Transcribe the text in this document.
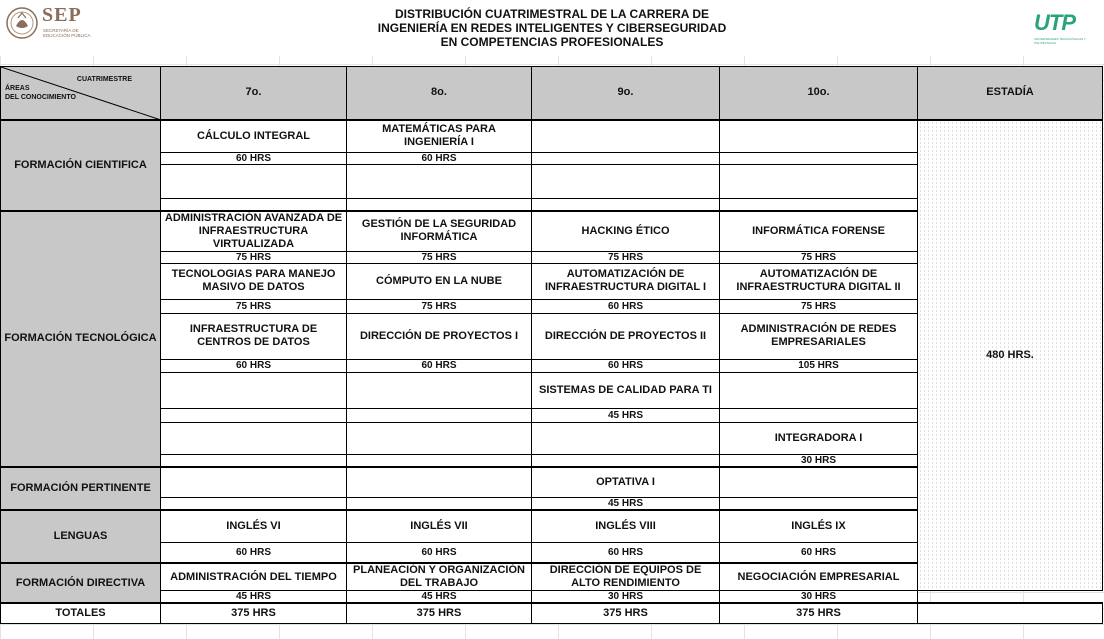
SEP
SECRETARÍA DE EDUCACIÓN PÚBLICA
DISTRIBUCIÓN CUATRIMESTRAL DE LA CARRERA DE
INGENIERÍA EN REDES INTELIGENTES Y CIBERSEGURIDAD
EN COMPETENCIAS PROFESIONALES
UTP
UNIVERSIDADES TECNOLÓGICAS Y POLITÉCNICAS
CUATRIMESTRE
ÁREAS
DEL CONOCIMIENTO	7o.	8o.	9o.	10o.	ESTADÍA
FORMACIÓN CIENTIFICA	CÁLCULO INTEGRAL	MATEMÁTICAS PARA INGENIERÍA I			480 HRS.
	60 HRS	60 HRS			

FORMACIÓN TECNOLÓGICA	ADMINISTRACIÓN AVANZADA DE INFRAESTRUCTURA VIRTUALIZADA	GESTIÓN DE LA SEGURIDAD INFORMÁTICA	HACKING ÉTICO	INFORMÁTICA FORENSE	
	75 HRS	75 HRS	75 HRS	75 HRS	
	TECNOLOGIAS PARA MANEJO MASIVO DE DATOS	CÓMPUTO EN LA NUBE	AUTOMATIZACIÓN DE INFRAESTRUCTURA DIGITAL I	AUTOMATIZACIÓN DE INFRAESTRUCTURA DIGITAL II	
	75 HRS	75 HRS	60 HRS	75 HRS	
	INFRAESTRUCTURA DE CENTROS DE DATOS	DIRECCIÓN DE PROYECTOS I	DIRECCIÓN DE PROYECTOS II	ADMINISTRACIÓN DE REDES EMPRESARIALES	
	60 HRS	60 HRS	60 HRS	105 HRS	
			SISTEMAS DE CALIDAD PARA TI		
			45 HRS		
				INTEGRADORA I	
				30 HRS	
FORMACIÓN PERTINENTE			OPTATIVA I		
			45 HRS		
LENGUAS	INGLÉS VI	INGLÉS VII	INGLÉS VIII	INGLÉS IX	
	60 HRS	60 HRS	60 HRS	60 HRS	
FORMACIÓN DIRECTIVA	ADMINISTRACIÓN DEL TIEMPO	PLANEACIÓN Y ORGANIZACIÓN DEL TRABAJO	DIRECCIÓN DE EQUIPOS DE ALTO RENDIMIENTO	NEGOCIACIÓN EMPRESARIAL	
	45 HRS	45 HRS	30 HRS	30 HRS	
TOTALES	375 HRS	375 HRS	375 HRS	375 HRS	
